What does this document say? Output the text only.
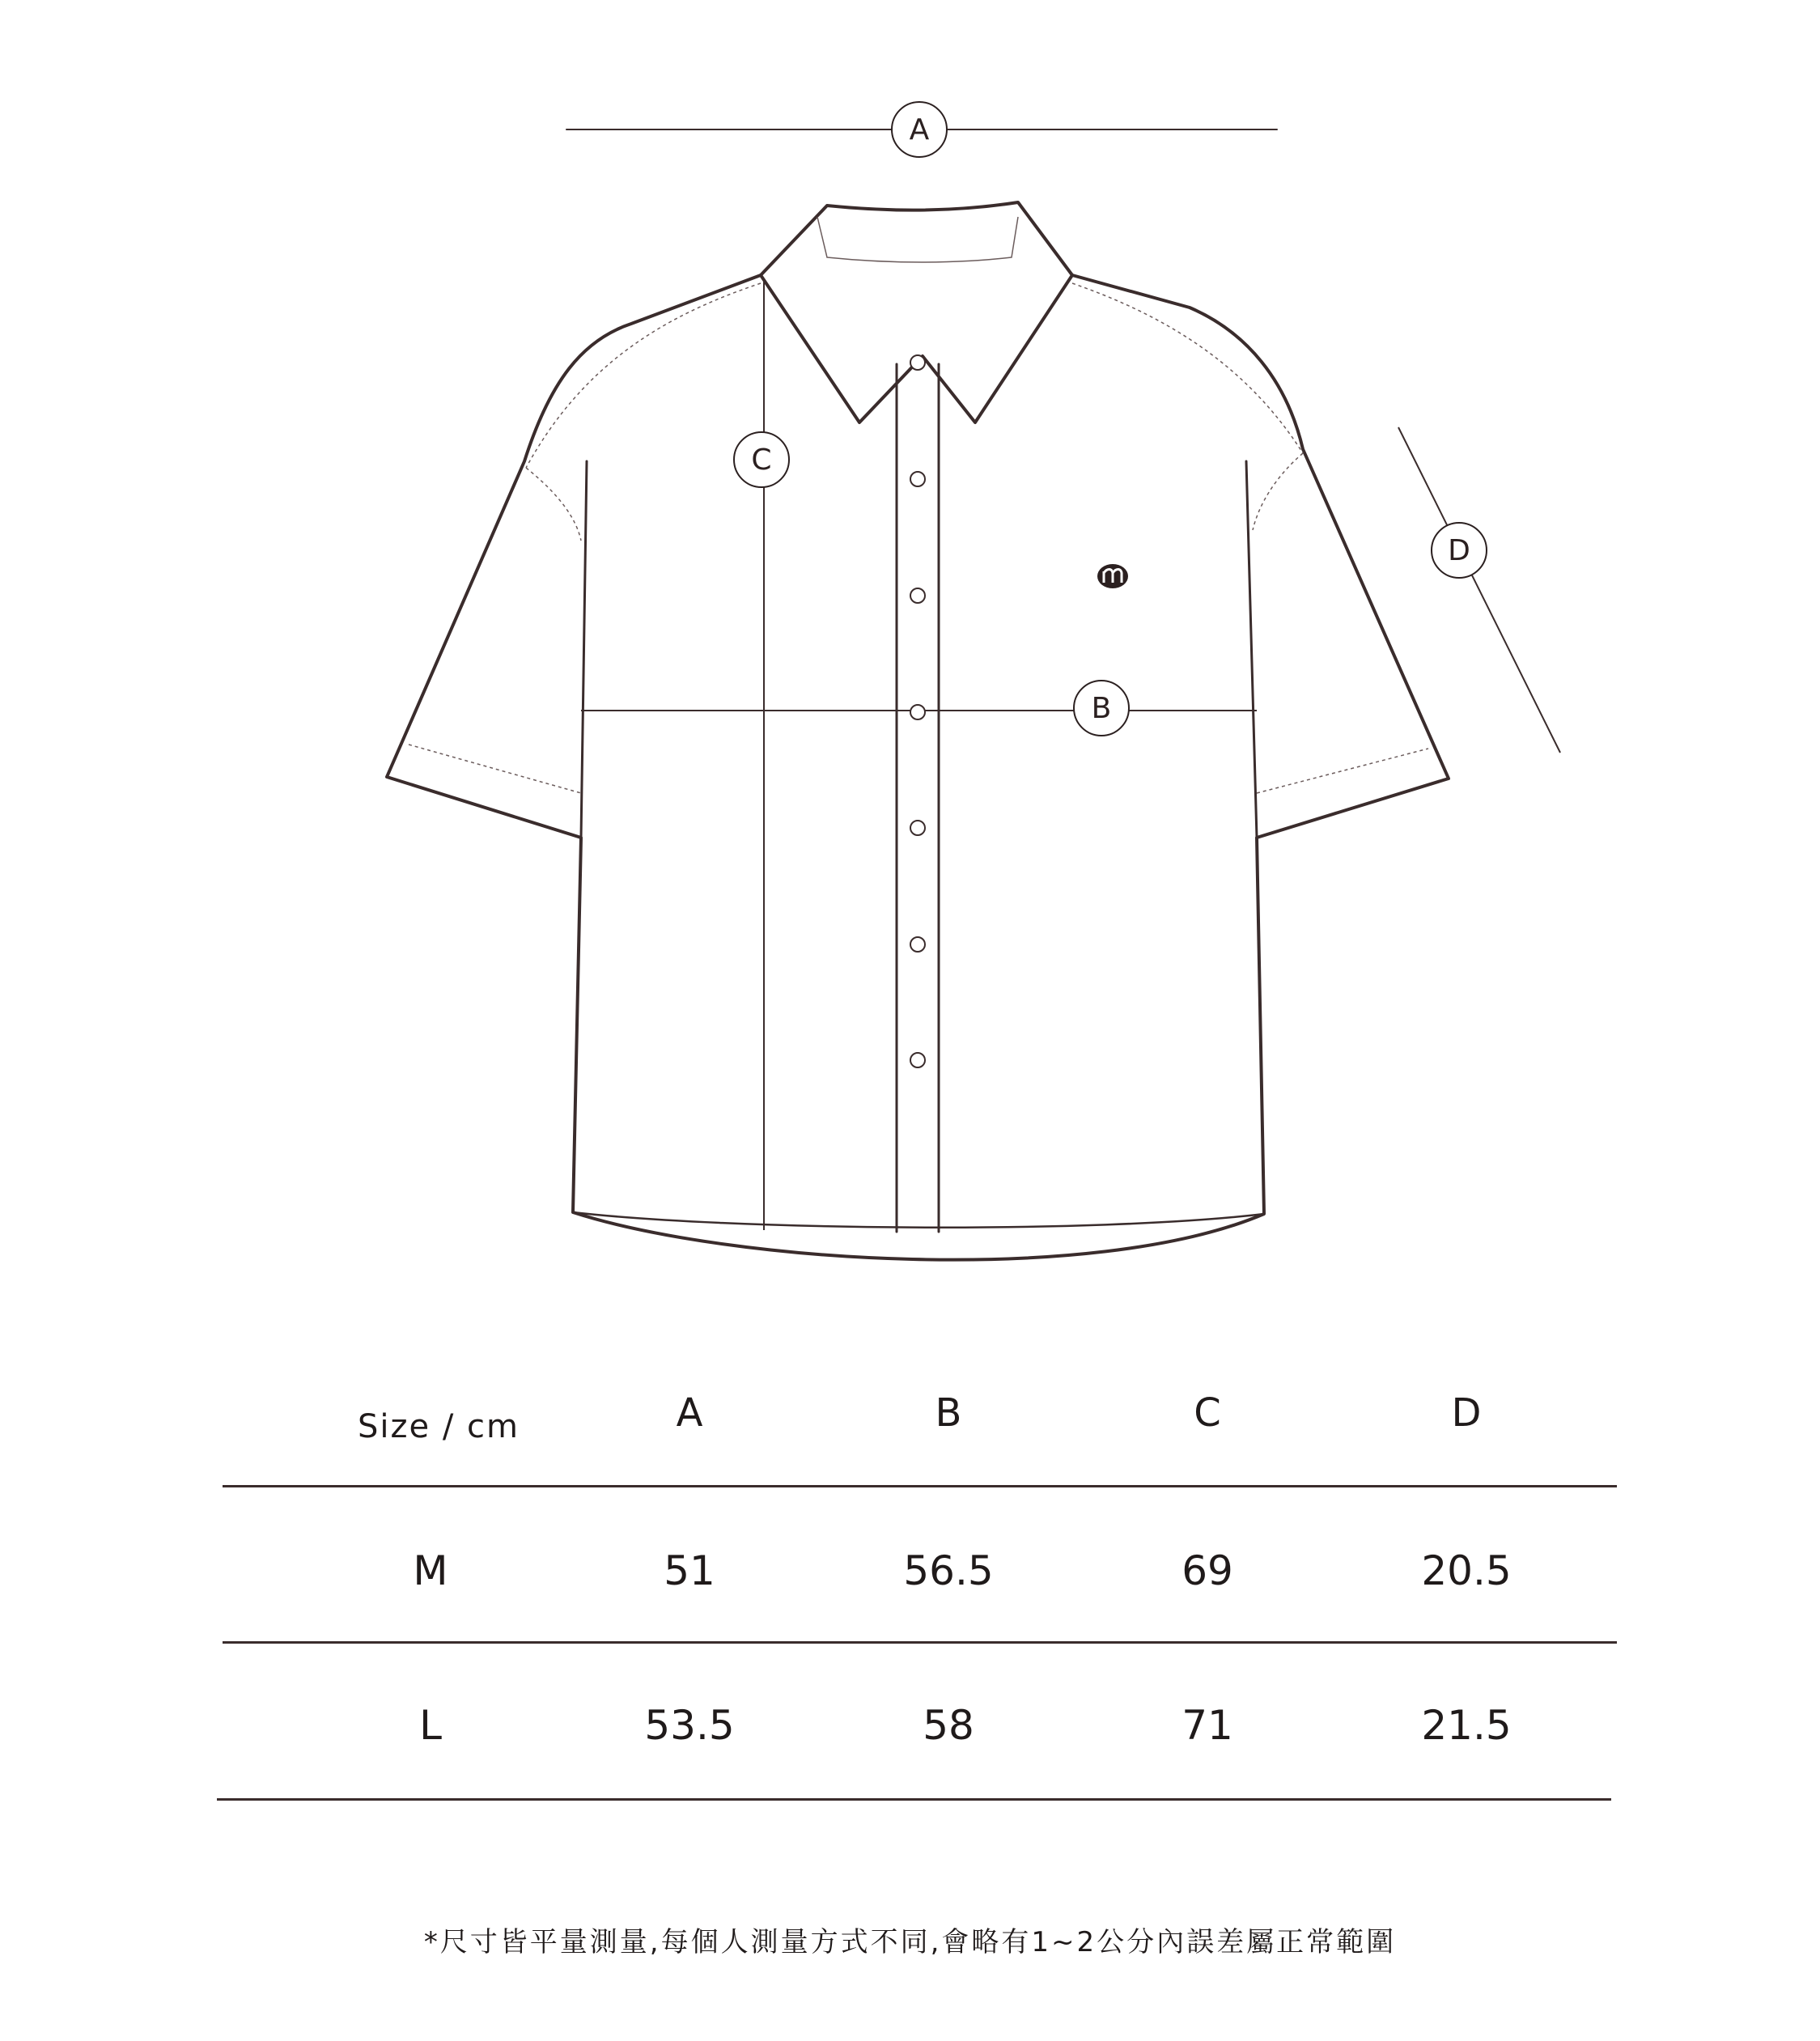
A
B
C
D
Size / cm	A	B	C	D
M	51	56.5	69	20.5
L	53.5	58	71	21.5
*尺寸皆平量測量,每個人測量方式不同,會略有1~2公分內誤差屬正常範圍
